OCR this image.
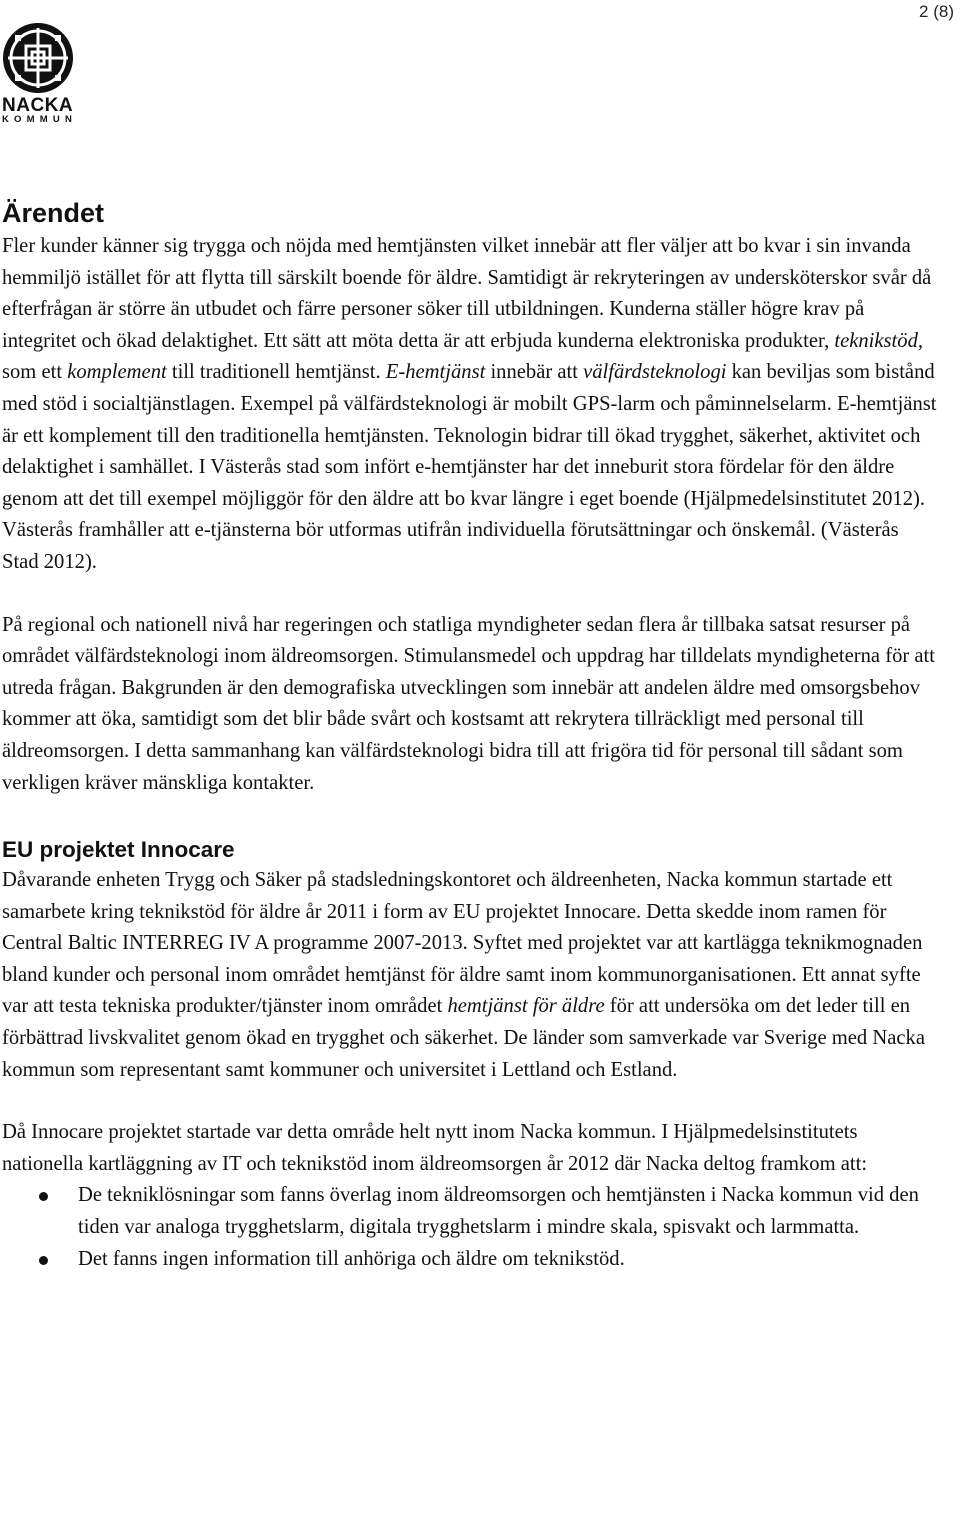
2 (8)
NACKA
KOMMUN
Ärendet

Fler kunder känner sig trygga och nöjda med hemtjänsten vilket innebär att fler väljer att bo kvar i sin invanda hemmiljö istället för att flytta till särskilt boende för äldre. Samtidigt är rekryteringen av undersköterskor svår då efterfrågan är större än utbudet och färre personer söker till utbildningen. Kunderna ställer högre krav på integritet och ökad delaktighet. Ett sätt att möta detta är att erbjuda kunderna elektroniska produkter, teknikstöd, som ett komplement till traditionell hemtjänst. E-hemtjänst innebär att välfärdsteknologi kan beviljas som bistånd med stöd i socialtjänstlagen. Exempel på välfärdsteknologi är mobilt GPS-larm och påminnelselarm. E-hemtjänst är ett komplement till den traditionella hemtjänsten. Teknologin bidrar till ökad trygghet, säkerhet, aktivitet och delaktighet i samhället. I Västerås stad som infört e-hemtjänster har det inneburit stora fördelar för den äldre genom att det till exempel möjliggör för den äldre att bo kvar längre i eget boende (Hjälpmedelsinstitutet 2012). Västerås framhåller att e-tjänsterna bör utformas utifrån individuella förutsättningar och önskemål. (Västerås Stad 2012).

På regional och nationell nivå har regeringen och statliga myndigheter sedan flera år tillbaka satsat resurser på området välfärdsteknologi inom äldreomsorgen. Stimulansmedel och uppdrag har tilldelats myndigheterna för att utreda frågan. Bakgrunden är den demografiska utvecklingen som innebär att andelen äldre med omsorgsbehov kommer att öka, samtidigt som det blir både svårt och kostsamt att rekrytera tillräckligt med personal till äldreomsorgen. I detta sammanhang kan välfärdsteknologi bidra till att frigöra tid för personal till sådant som verkligen kräver mänskliga kontakter.

EU projektet Innocare

Dåvarande enheten Trygg och Säker på stadsledningskontoret och äldreenheten, Nacka kommun startade ett samarbete kring teknikstöd för äldre år 2011 i form av EU projektet Innocare. Detta skedde inom ramen för Central Baltic INTERREG IV A programme 2007-2013. Syftet med projektet var att kartlägga teknikmognaden bland kunder och personal inom området hemtjänst för äldre samt inom kommunorganisationen. Ett annat syfte var att testa tekniska produkter/tjänster inom området hemtjänst för äldre för att undersöka om det leder till en förbättrad livskvalitet genom ökad en trygghet och säkerhet. De länder som samverkade var Sverige med Nacka kommun som representant samt kommuner och universitet i Lettland och Estland.

Då Innocare projektet startade var detta område helt nytt inom Nacka kommun. I Hjälpmedelsinstitutets nationella kartläggning av IT och teknikstöd inom äldreomsorgen år 2012 där Nacka deltog framkom att:

De tekniklösningar som fanns överlag inom äldreomsorgen och hemtjänsten i Nacka kommun vid den tiden var analoga trygghetslarm, digitala trygghetslarm i mindre skala, spisvakt och larmmatta.
Det fanns ingen information till anhöriga och äldre om teknikstöd.
